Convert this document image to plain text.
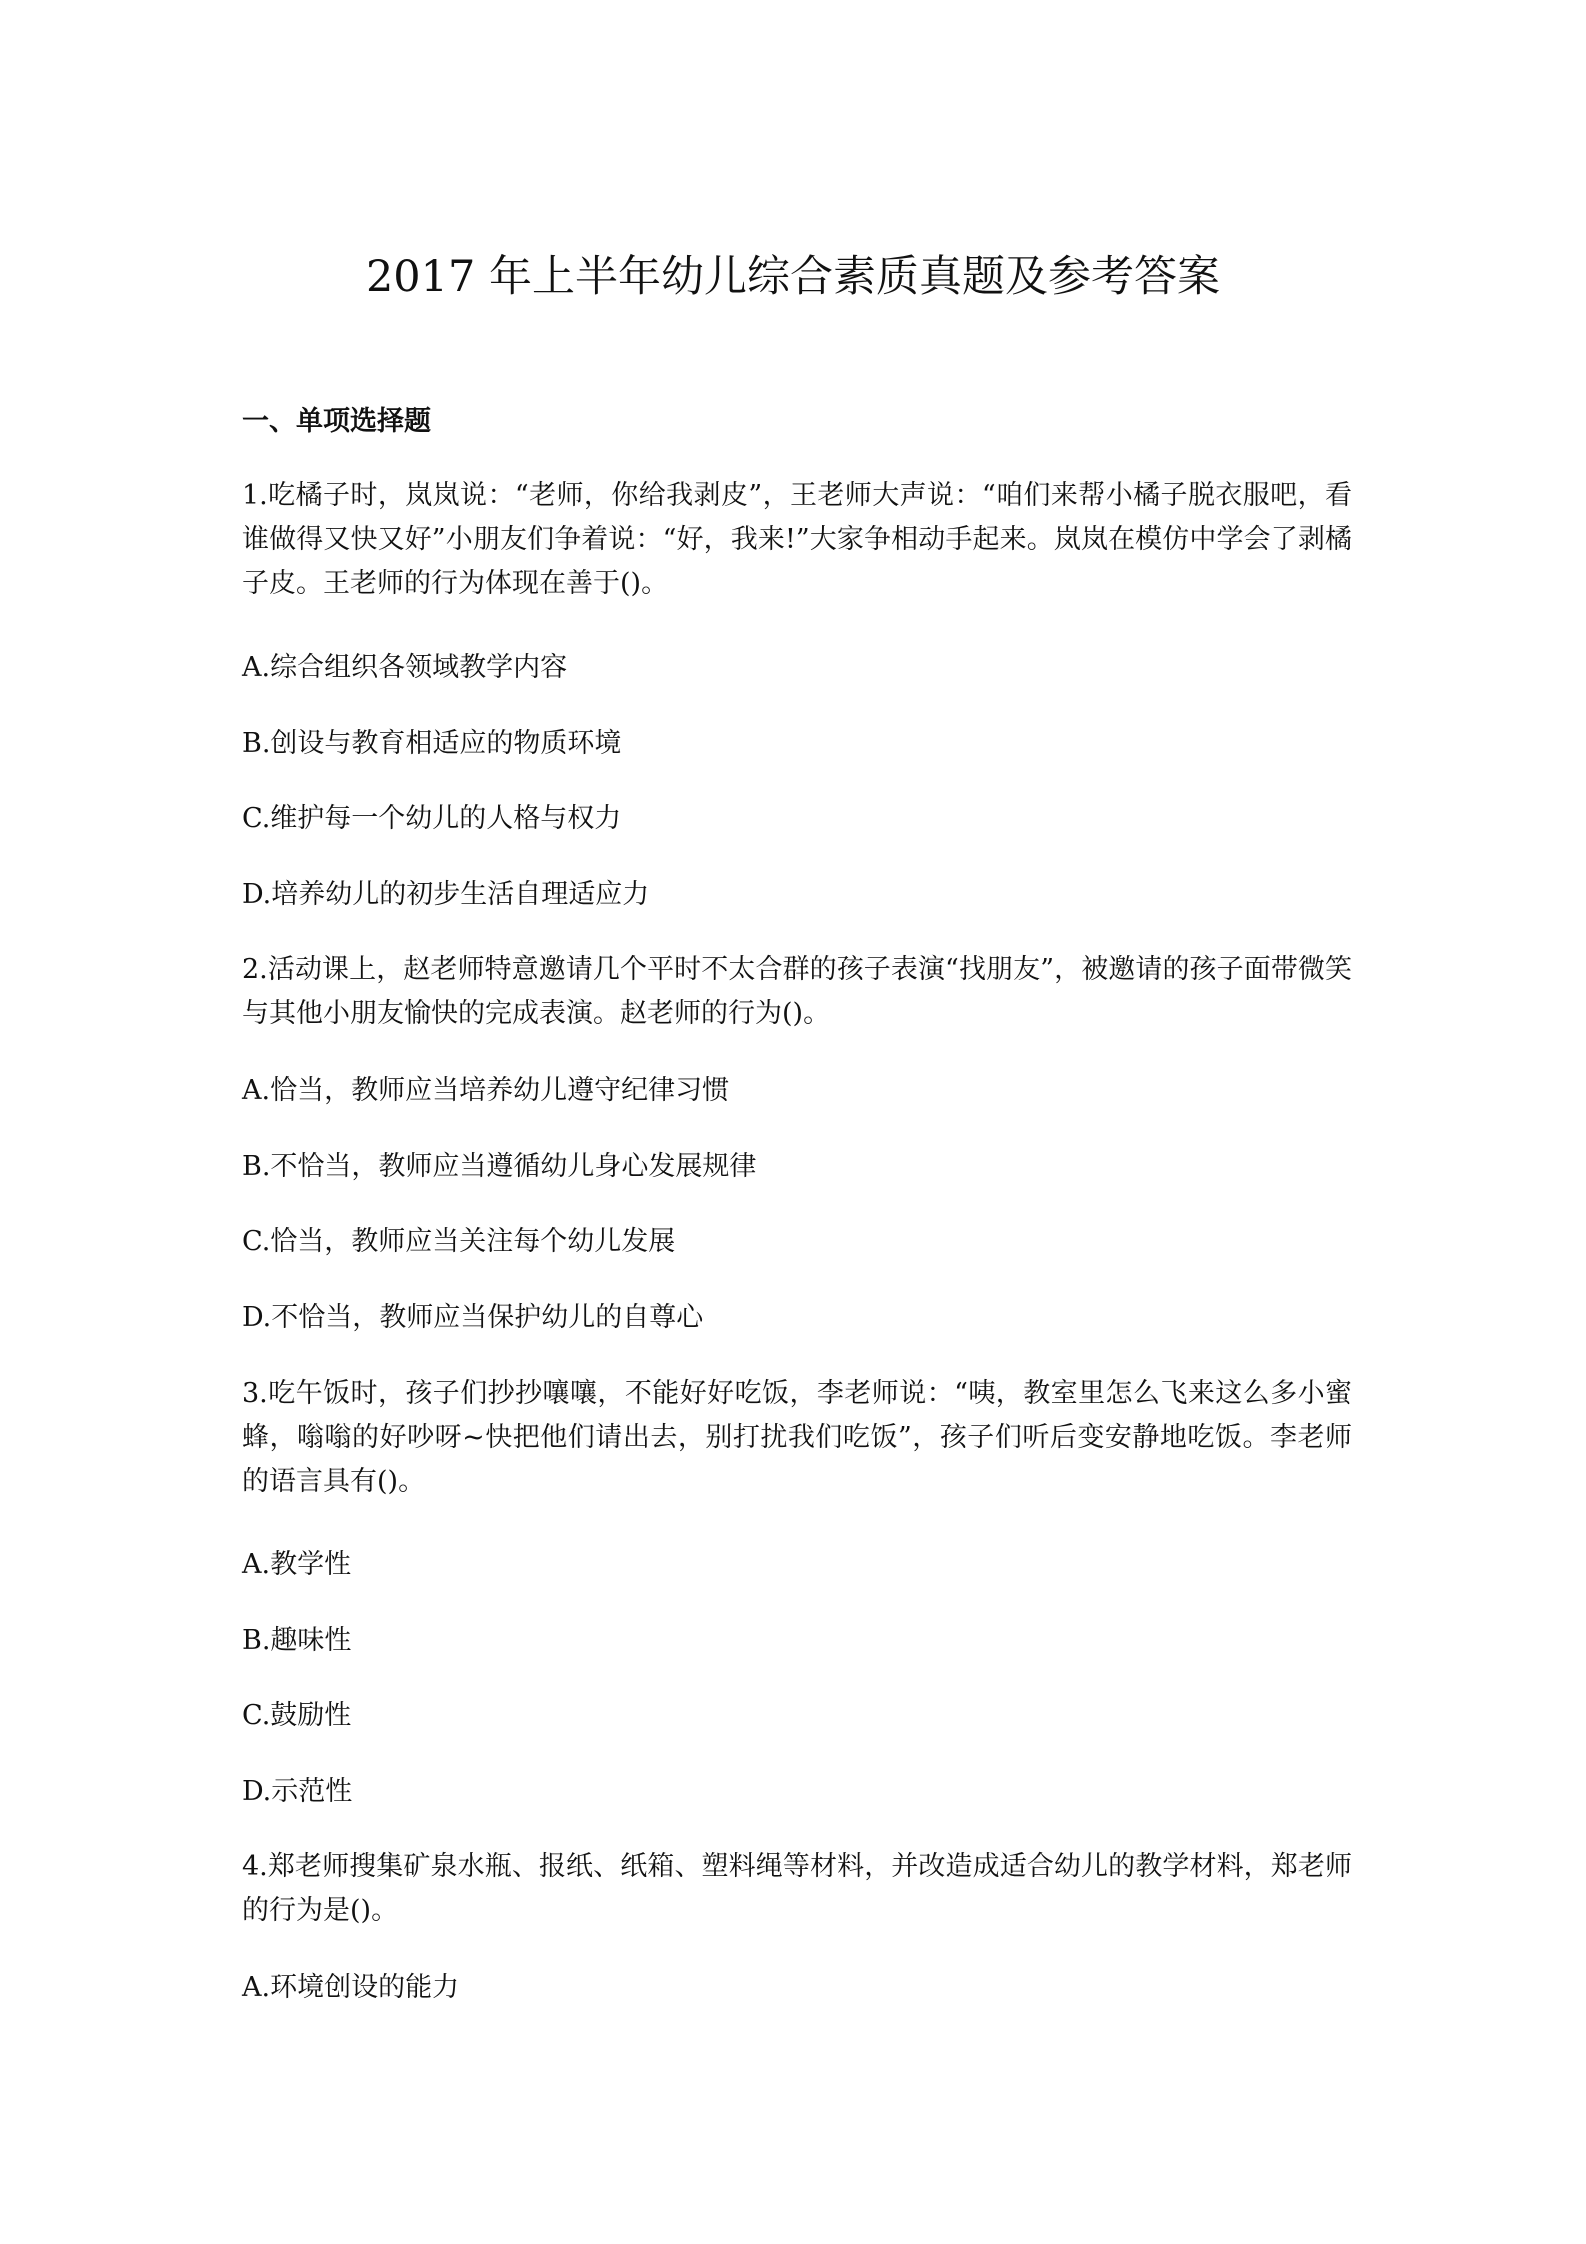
2017 年上半年幼儿综合素质真题及参考答案
一、单项选择题

1.吃橘子时，岚岚说：“老师，你给我剥皮”，王老师大声说：“咱们来帮小橘子脱衣服吧，看谁做得又快又好”小朋友们争着说：“好，我来!”大家争相动手起来。岚岚在模仿中学会了剥橘子皮。王老师的行为体现在善于()。

A.综合组织各领域教学内容

B.创设与教育相适应的物质环境

C.维护每一个幼儿的人格与权力

D.培养幼儿的初步生活自理适应力

2.活动课上，赵老师特意邀请几个平时不太合群的孩子表演“找朋友”，被邀请的孩子面带微笑与其他小朋友愉快的完成表演。赵老师的行为()。

A.恰当，教师应当培养幼儿遵守纪律习惯

B.不恰当，教师应当遵循幼儿身心发展规律

C.恰当，教师应当关注每个幼儿发展

D.不恰当，教师应当保护幼儿的自尊心

3.吃午饭时，孩子们抄抄嚷嚷，不能好好吃饭，李老师说：“咦，教室里怎么飞来这么多小蜜蜂，嗡嗡的好吵呀~快把他们请出去，别打扰我们吃饭”，孩子们听后变安静地吃饭。李老师的语言具有()。

A.教学性

B.趣味性

C.鼓励性

D.示范性

4.郑老师搜集矿泉水瓶、报纸、纸箱、塑料绳等材料，并改造成适合幼儿的教学材料，郑老师的行为是()。

A.环境创设的能力
